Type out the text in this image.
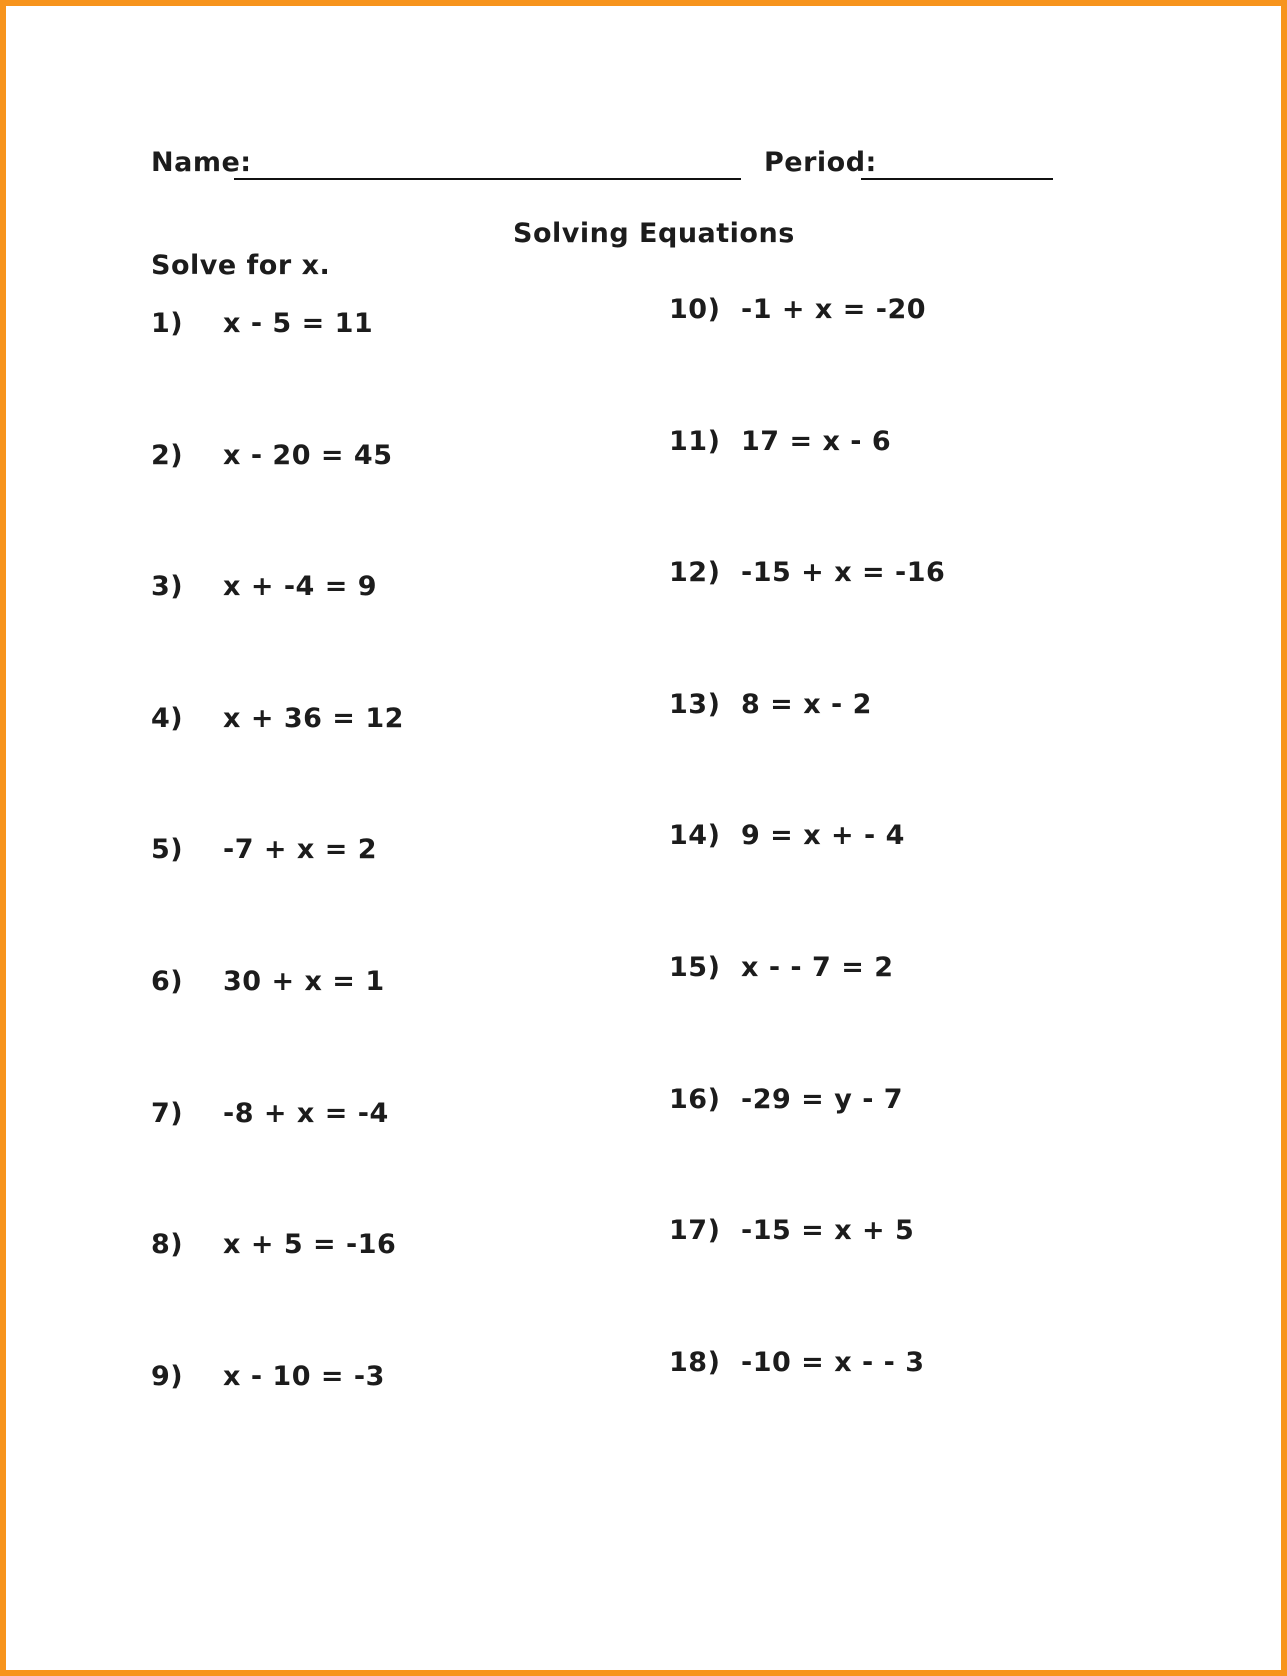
Name:	Period:
Solving Equations
Solve for x.
1)	x - 5 = 11
2)	x - 20 = 45
3)	x + -4 = 9
4)	x + 36 = 12
5)	-7 + x = 2
6)	30 + x = 1
7)	-8 + x = -4
8)	x + 5 = -16
9)	x - 10 = -3
10) -1 + x = -20
11) 17 = x - 6
12) -15 + x = -16
13) 8 = x - 2
14) 9 = x + - 4
15) x - - 7 = 2
16) -29 = y - 7
17) -15 = x + 5
18) -10 = x - - 3
